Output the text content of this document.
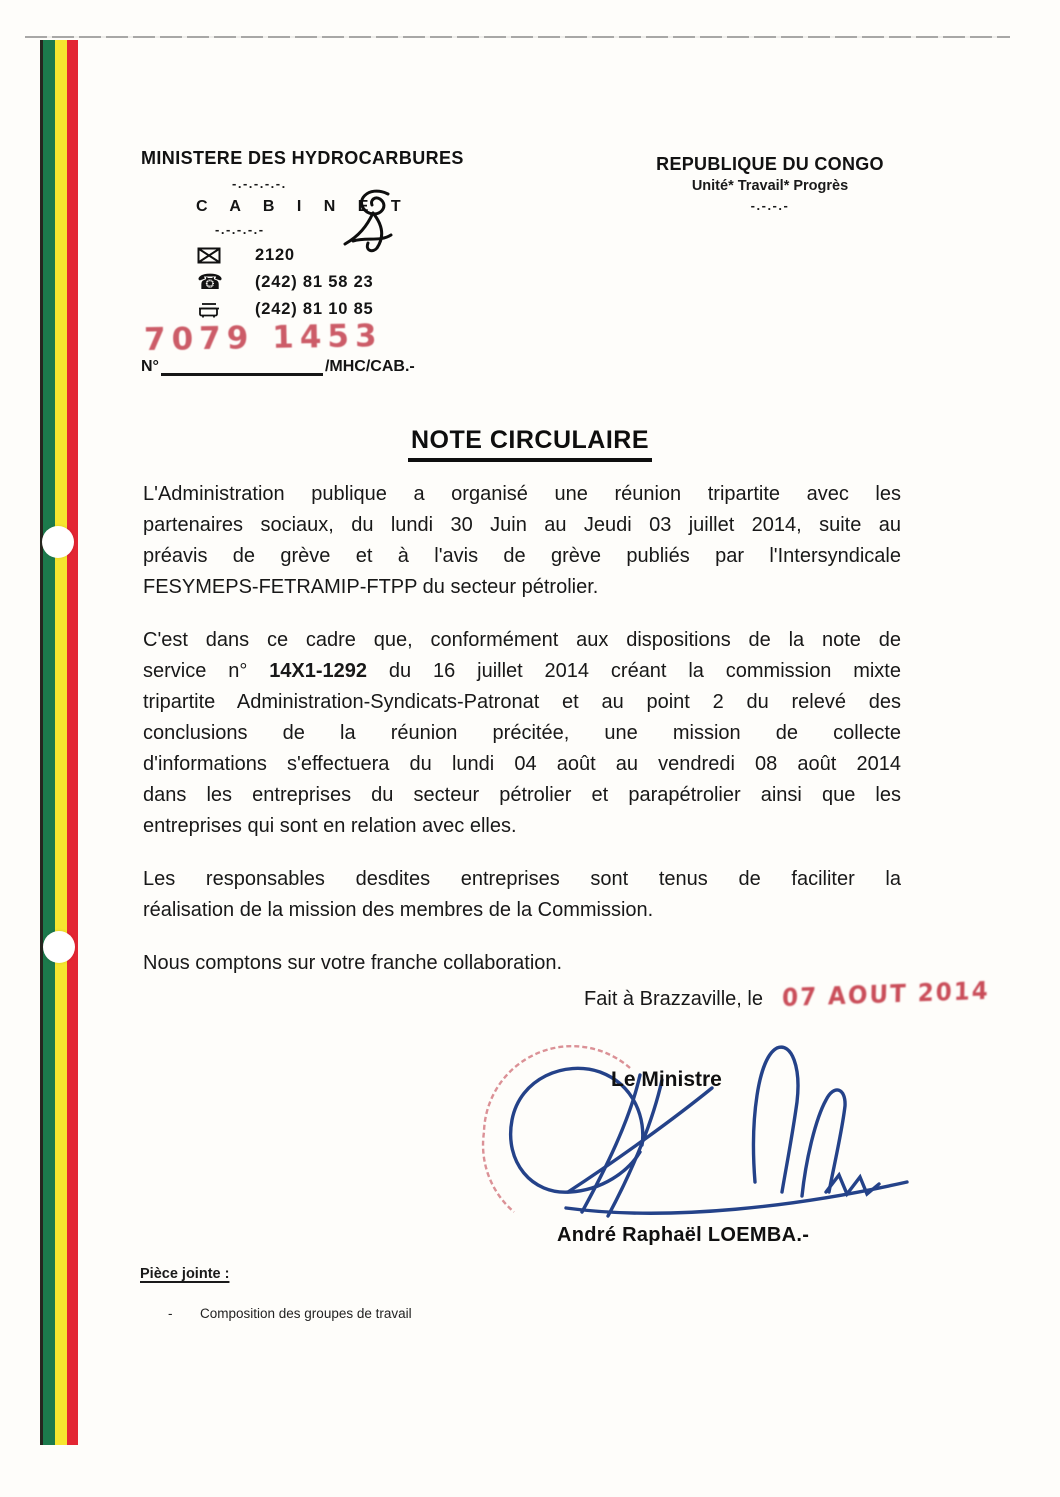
MINISTERE DES HYDROCARBURES
-.-.-.-.-.
C A B I N E T
-.-.-.-.-
2120
☎ (242) 81 58 23
(242) 81 10 85
7079 1453
N°	/MHC/CAB.-
REPUBLIQUE DU CONGO
Unité* Travail* Progrès
-.-.-.-
NOTE CIRCULAIRE
L'Administration publique a organisé une réunion tripartite avec les
partenaires sociaux, du lundi 30 Juin au Jeudi 03 juillet 2014, suite au
préavis de grève et à l'avis de grève publiés par l'Intersyndicale
FESYMEPS-FETRAMIP-FTPP du secteur pétrolier.
C'est dans ce cadre que, conformément aux dispositions de la note de
service n° 14X1-1292 du 16 juillet 2014 créant la commission mixte
tripartite Administration-Syndicats-Patronat et au point 2 du relevé des
conclusions de la réunion précitée, une mission de collecte
d'informations s'effectuera du lundi 04 août au vendredi 08 août 2014
dans les entreprises du secteur pétrolier et parapétrolier ainsi que les
entreprises qui sont en relation avec elles.
Les responsables desdites entreprises sont tenus de faciliter la
réalisation de la mission des membres de la Commission.
Nous comptons sur votre franche collaboration.
Fait à Brazzaville, le 07 AOUT 2014
Le Ministre
André Raphaël LOEMBA.-
Pièce jointe :
-	Composition des groupes de travail
